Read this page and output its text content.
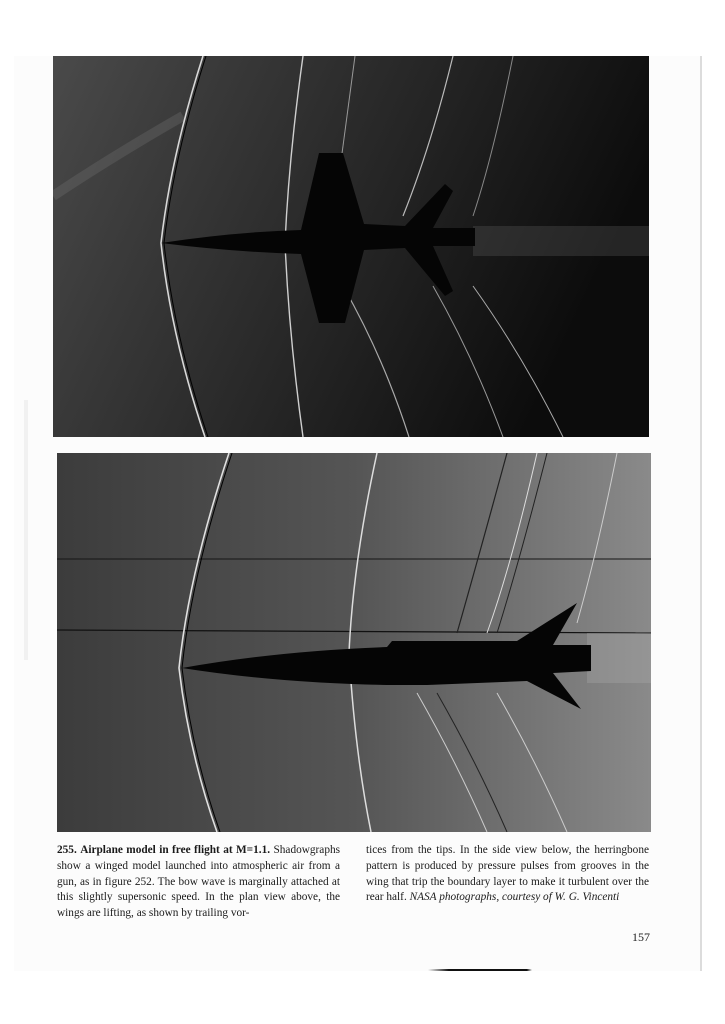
255. Airplane model in free flight at M=1.1. Shadowgraphs show a winged model launched into atmospheric air from a gun, as in figure 252. The bow wave is marginally attached at this slightly supersonic speed. In the plan view above, the wings are lifting, as shown by trailing vor-
tices from the tips. In the side view below, the herringbone pattern is produced by pressure pulses from grooves in the wing that trip the boundary layer to make it turbulent over the rear half. NASA photographs, courtesy of W. G. Vincenti
157
